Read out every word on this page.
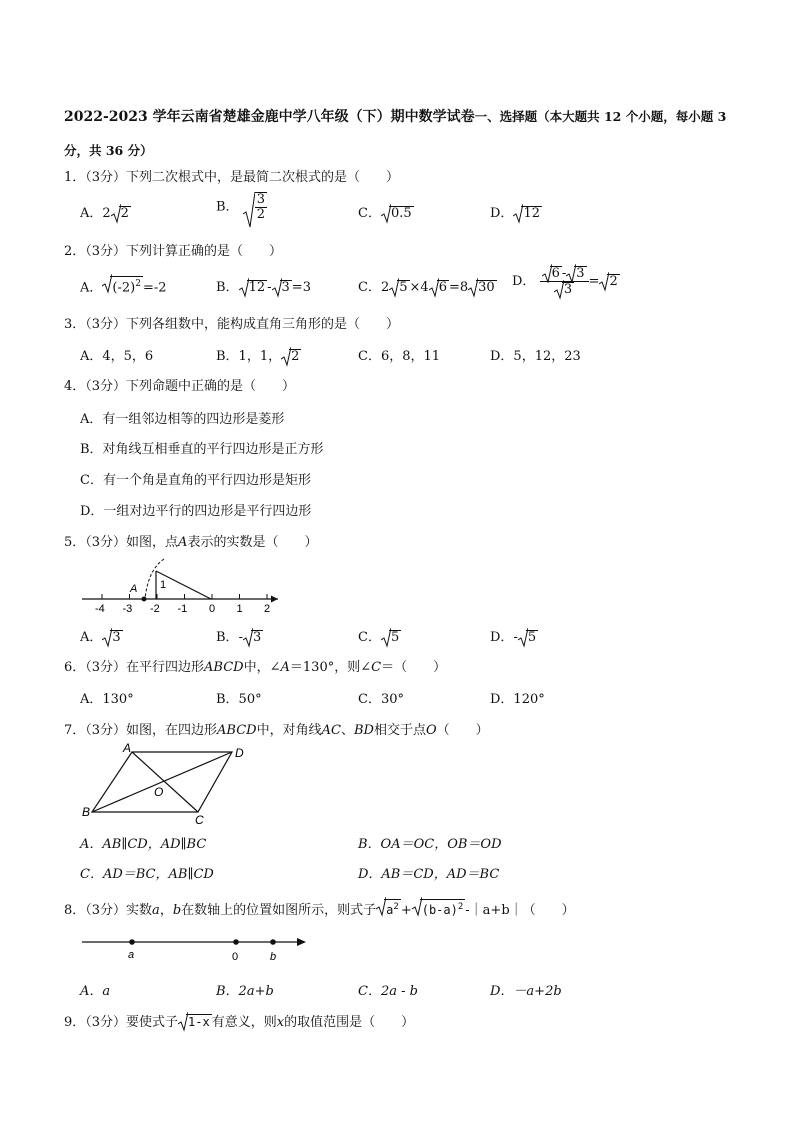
2022-2023 学年云南省楚雄金鹿中学八年级（下）期中数学试卷一、选择题（本大题共 12 个小题，每小题 3 分，共 36 分）
1．（3分）下列二次根式中，是最简二次根式的是（　　）
A．2 2	B． $\frac{3}{2}$	C． 0.5	D． 12
2．（3分）下列计算正确的是（　　）
A． $(-2)^2 =-2$	B． 12 - 3 =3	C．2 5 ×4 6 =8 30 D． $\frac{6 - 3}{3} = 2$
3．（3分）下列各组数中，能构成直角三角形的是（　　）
A．4，5，6	B．1，1， 2	C．6，8，11	D．5，12，23
4．（3分）下列命题中正确的是（　　）
A．有一组邻边相等的四边形是菱形
B．对角线互相垂直的平行四边形是正方形
C．有一个角是直角的平行四边形是矩形
D．一组对边平行的四边形是平行四边形
5．（3分）如图，点A表示的实数是（　　）
-4 -3 -2 -1 0 1 2
A 1
A． 3	B．- 3	C． 5	D．- 5
6．（3分）在平行四边形ABCD中，∠A＝130°，则∠C＝（　　）
A．130°	B．50°	C．30°	D．120°
7．（3分）如图，在四边形ABCD中，对角线AC、BD相交于点O（　　）
A
B
C
D
O
A．AB∥CD，AD∥BC	B．OA＝OC，OB＝OD
C．AD＝BC，AB∥CD	D．AB＝CD，AD＝BC
8．（3分）实数a，b在数轴上的位置如图所示，则式子 $a^2 + (b-a)^2$ -｜a+b｜（　　）
a	0	b
A．a	B．2a+b	C．2a - b	D．－a+2b
9．（3分）要使式子 1-x 有意义，则x的取值范围是（　　）
